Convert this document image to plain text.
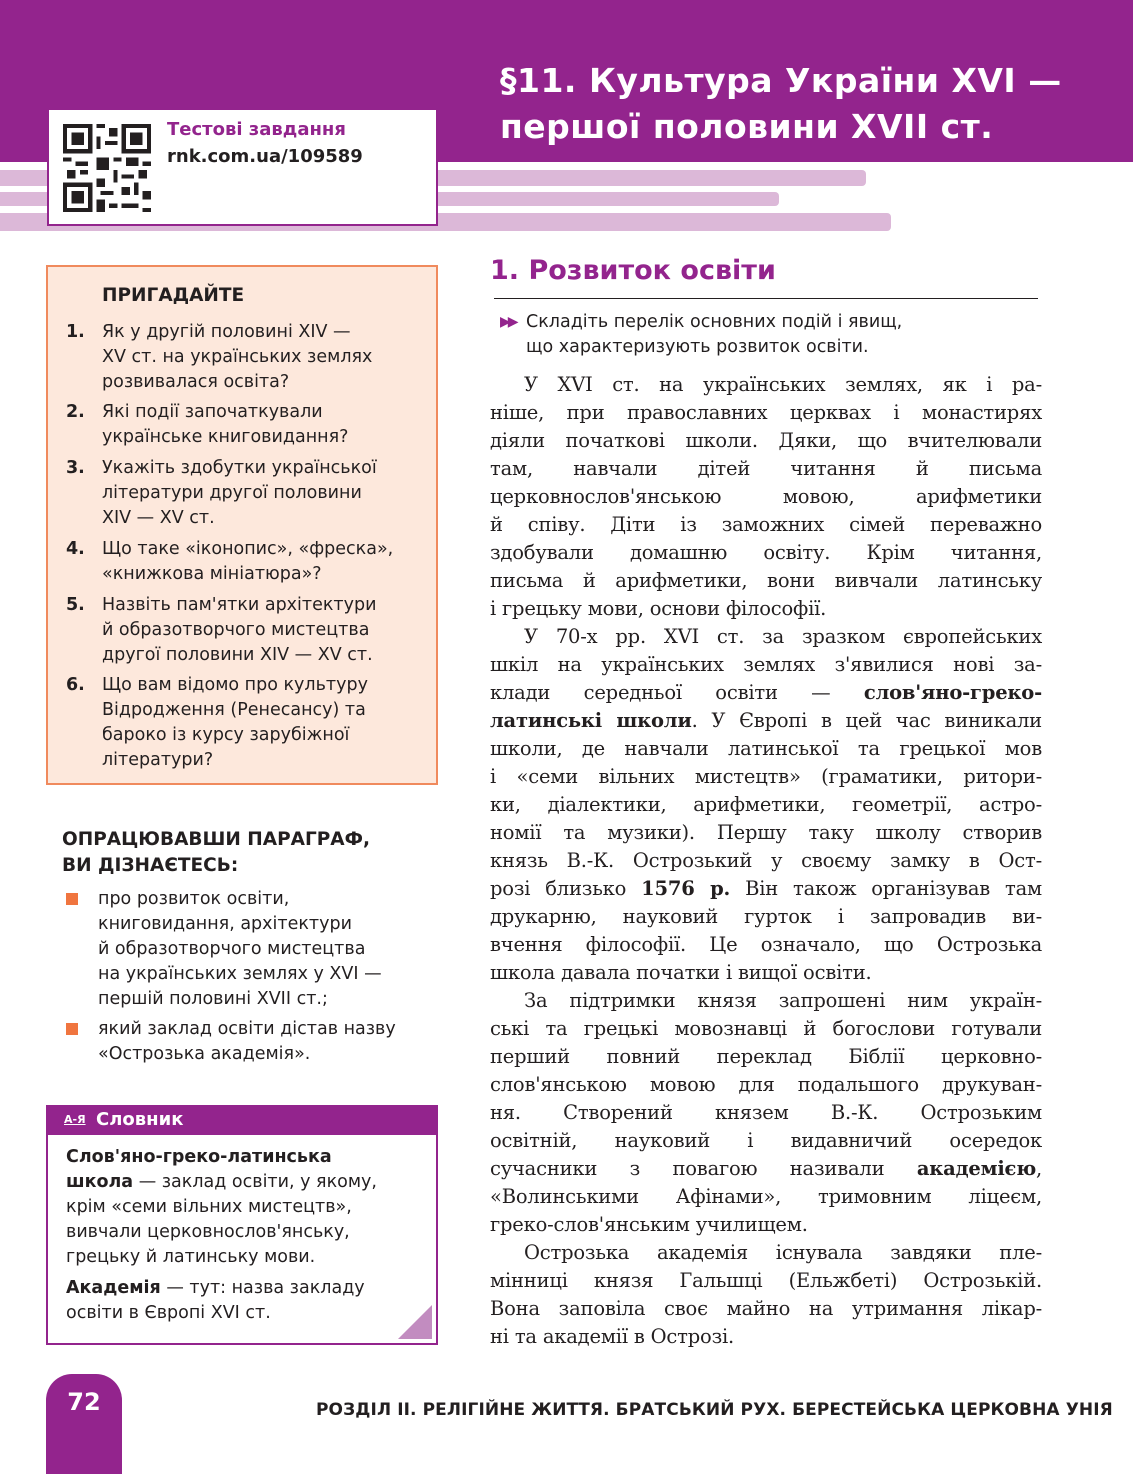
Тестові завдання
rnk.com.ua/109589
§11. Культура України XVI —
першої половини XVII ст.
ПРИГАДАЙТЕ
1. Як у другій половині XIV —
XV ст. на українських землях
розвивалася освіта?
2. Які події започаткували
українське книговидання?
3. Укажіть здобутки української
літератури другої половини
XIV — XV ст.
4. Що таке «іконопис», «фреска»,
«книжкова мініатюра»?
5. Назвіть пам'ятки архітектури
й образотворчого мистецтва
другої половини XIV — XV ст.
6. Що вам відомо про культуру
Відродження (Ренесансу) та
бароко із курсу зарубіжної
літератури?
ОПРАЦЮВАВШИ ПАРАГРАФ,
ВИ ДІЗНАЄТЕСЬ:
про розвиток освіти,
книговидання, архітектури
й образотворчого мистецтва
на українських землях у XVI —
першій половині XVII ст.;
який заклад освіти дістав назву
«Острозька академія».
А-Я Словник
Слов'яно-греко-латинська
школа — заклад освіти, у якому,
крім «семи вільних мистецтв»,
вивчали церковнослов'янську,
грецьку й латинську мови.
Академія — тут: назва закладу
освіти в Європі XVI ст.
1. Розвиток освіти
▶▶ Складіть перелік основних подій і явищ,
що характеризують розвиток освіти.
У XVI ст. на українських землях, як і ра-
ніше, при православних церквах і монастирях
діяли початкові школи. Дяки, що вчителювали
там, навчали дітей читання й письма
церковнослов'янською мовою, арифметики
й співу. Діти із заможних сімей переважно
здобували домашню освіту. Крім читання,
письма й арифметики, вони вивчали латинську
і грецьку мови, основи філософії.
У 70-х рр. XVI ст. за зразком європейських
шкіл на українських землях з'явилися нові за-
клади середньої освіти — слов'яно-греко-
латинські школи. У Європі в цей час виникали
школи, де навчали латинської та грецької мов
і «семи вільних мистецтв» (граматики, ритори-
ки, діалектики, арифметики, геометрії, астро-
номії та музики). Першу таку школу створив
князь В.-К. Острозький у своєму замку в Ост-
розі близько 1576 р. Він також організував там
друкарню, науковий гурток і запровадив ви-
вчення філософії. Це означало, що Острозька
школа давала початки і вищої освіти.
За підтримки князя запрошені ним україн-
ські та грецькі мовознавці й богослови готували
перший повний переклад Біблії церковно-
слов'янською мовою для подальшого друкуван-
ня. Створений князем В.-К. Острозьким
освітній, науковий і видавничий осередок
сучасники з повагою називали академією,
«Волинськими Афінами», тримовним ліцеєм,
греко-слов'янським училищем.
Острозька академія існувала завдяки пле-
мінниці князя Гальшці (Ельжбеті) Острозькій.
Вона заповіла своє майно на утримання лікар-
ні та академії в Острозі.
72	РОЗДІЛ ІІ. РЕЛІГІЙНЕ ЖИТТЯ. БРАТСЬКИЙ РУХ. БЕРЕСТЕЙСЬКА ЦЕРКОВНА УНІЯ
